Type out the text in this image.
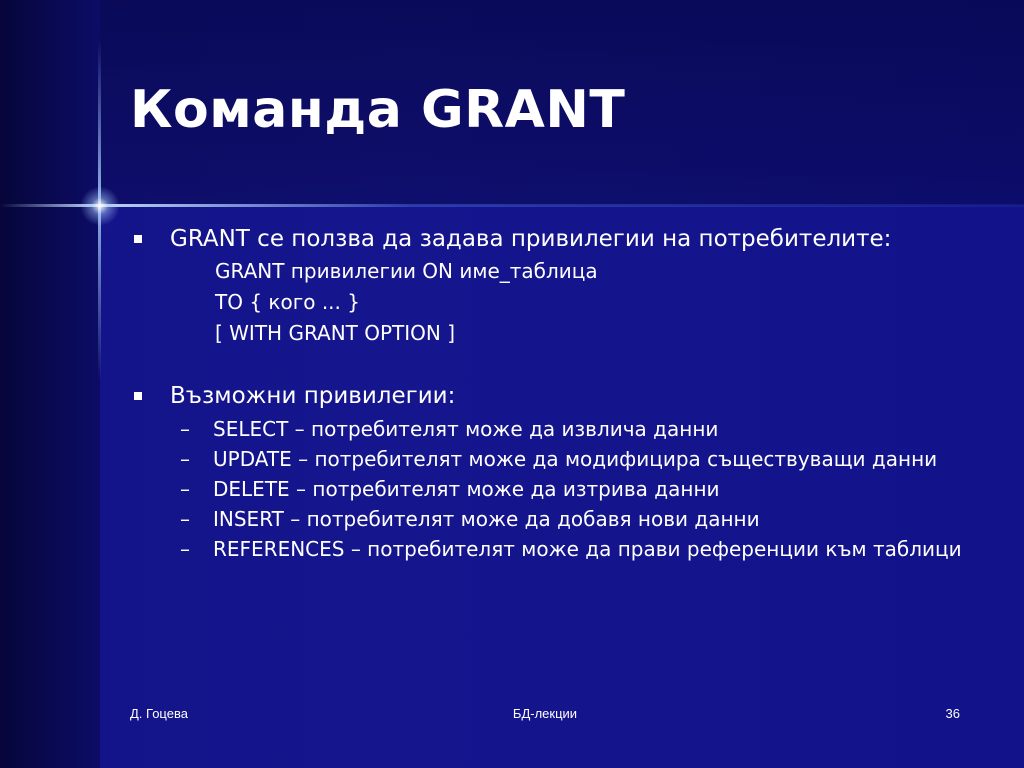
Команда GRANT
GRANT се ползва да задава привилегии на потребителите:
GRANT привилегии ON име_таблица
TO { кого ... }
[ WITH GRANT OPTION ]
Възможни привилегии:
– SELECT – потребителят може да извлича данни
– UPDATE – потребителят може да модифицира съществуващи данни
– DELETE – потребителят може да изтрива данни
– INSERT – потребителят може да добавя нови данни
– REFERENCES – потребителят може да прави референции към таблици
Д. Гоцева	БД-лекции	36
